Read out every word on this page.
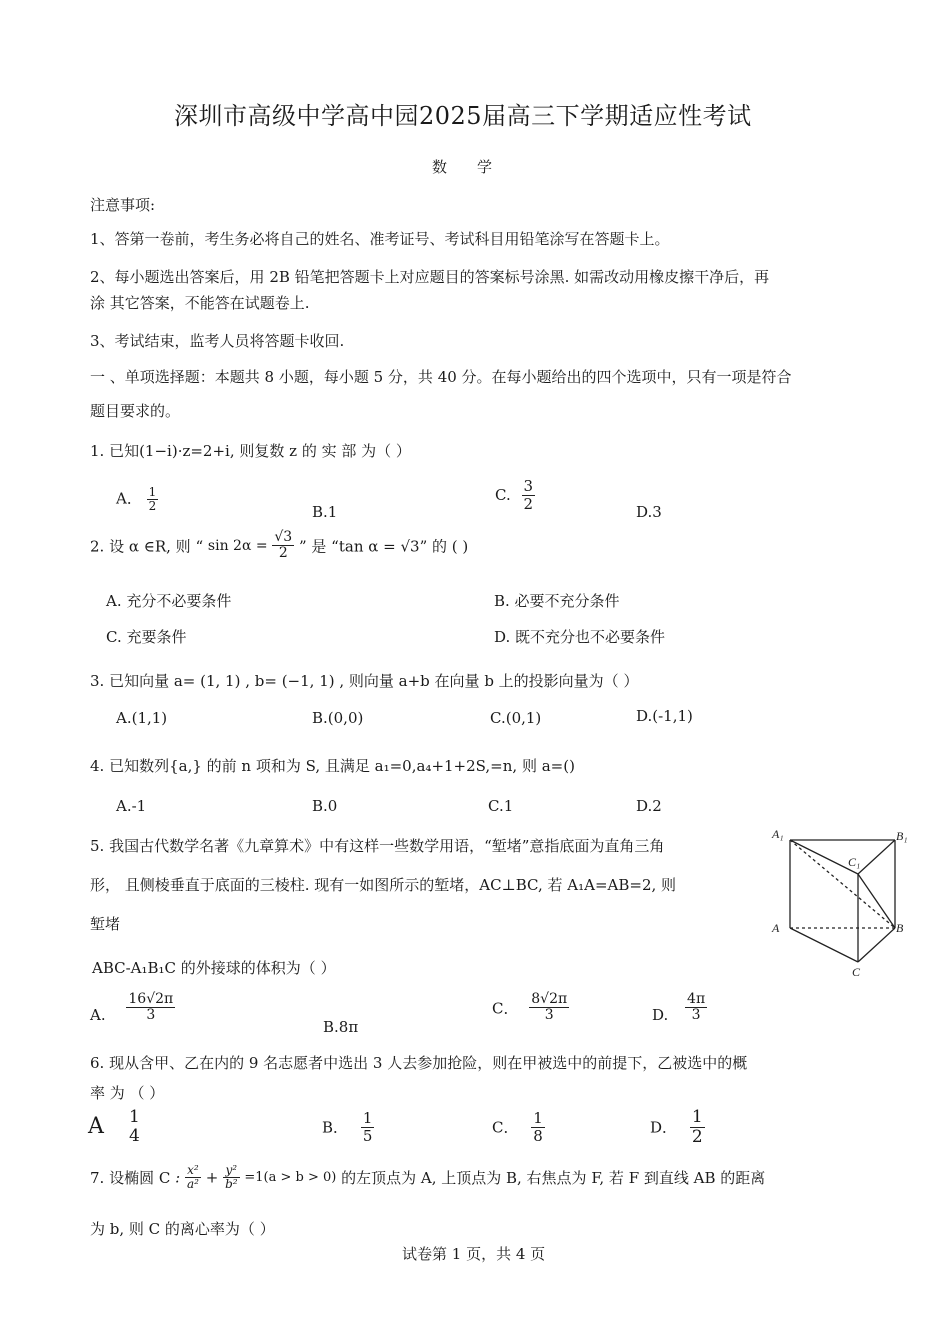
深圳市高级中学高中园2025届高三下学期适应性考试
数　　学
注意事项:
1、答第一卷前，考生务必将自己的姓名、准考证号、考试科目用铅笔涂写在答题卡上。
2、每小题选出答案后，用 2B 铅笔把答题卡上对应题目的答案标号涂黑. 如需改动用橡皮擦干净后，再
涂 其它答案，不能答在试题卷上.
3、考试结束，监考人员将答题卡收回.
一 、单项选择题：本题共 8 小题，每小题 5 分，共 40 分。在每小题给出的四个选项中，只有一项是符合
题目要求的。
1. 已知(1−i)·z=2+i, 则复数 z 的 实 部 为（ ）
A． $\frac{1}{2}$	B.1
C. $\frac{3}{2}$	D.3
2. 设 α ∈R, 则 “ $\sin 2\alpha = \frac{√3}{2}$ ” 是 “tan α = √3” 的 ( )
A. 充分不必要条件	B. 必要不充分条件
C. 充要条件	D. 既不充分也不必要条件
3. 已知向量 a= (1, 1) , b= (−1, 1) , 则向量 a+b 在向量 b 上的投影向量为（ ）
A.(1,1)	B.(0,0)	C.(0,1)	D.(-1,1)
4. 已知数列{a,} 的前 n 项和为 S, 且满足 a₁=0,a₄+1+2S,=n, 则 a=()
A.-1	B.0	C.1	D.2
5. 我国古代数学名著《九章算术》中有这样一些数学用语，“堑堵”意指底面为直角三角
形， 且侧棱垂直于底面的三棱柱. 现有一如图所示的堑堵，AC⊥BC, 若 A₁A=AB=2, 则
堑堵
ABC-A₁B₁C 的外接球的体积为（ ）
A₁	B₁
C₁
A	B
C
A. $\frac{16√2\pi}{3}$
B.8π
C． $\frac{8√2\pi}{3}$	D. $\frac{4\pi}{3}$
6. 现从含甲、乙在内的 9 名志愿者中选出 3 人去参加抢险，则在甲被选中的前提下，乙被选中的概
率 为 （ ）
A 1
4	B． $\frac{1}{5}$	C． $\frac{1}{8}$	D． $\frac{1}{2}$
7. 设椭圆 C : $\frac{\text{x²}}{\text{a²}} + \frac{\text{y²}}{\text{b²}} =1(a > b > 0)$ 的左顶点为 A, 上顶点为 B, 右焦点为 F, 若 F 到直线 AB 的距离
为 b, 则 C 的离心率为（ ）
试卷第 1 页，共 4 页
